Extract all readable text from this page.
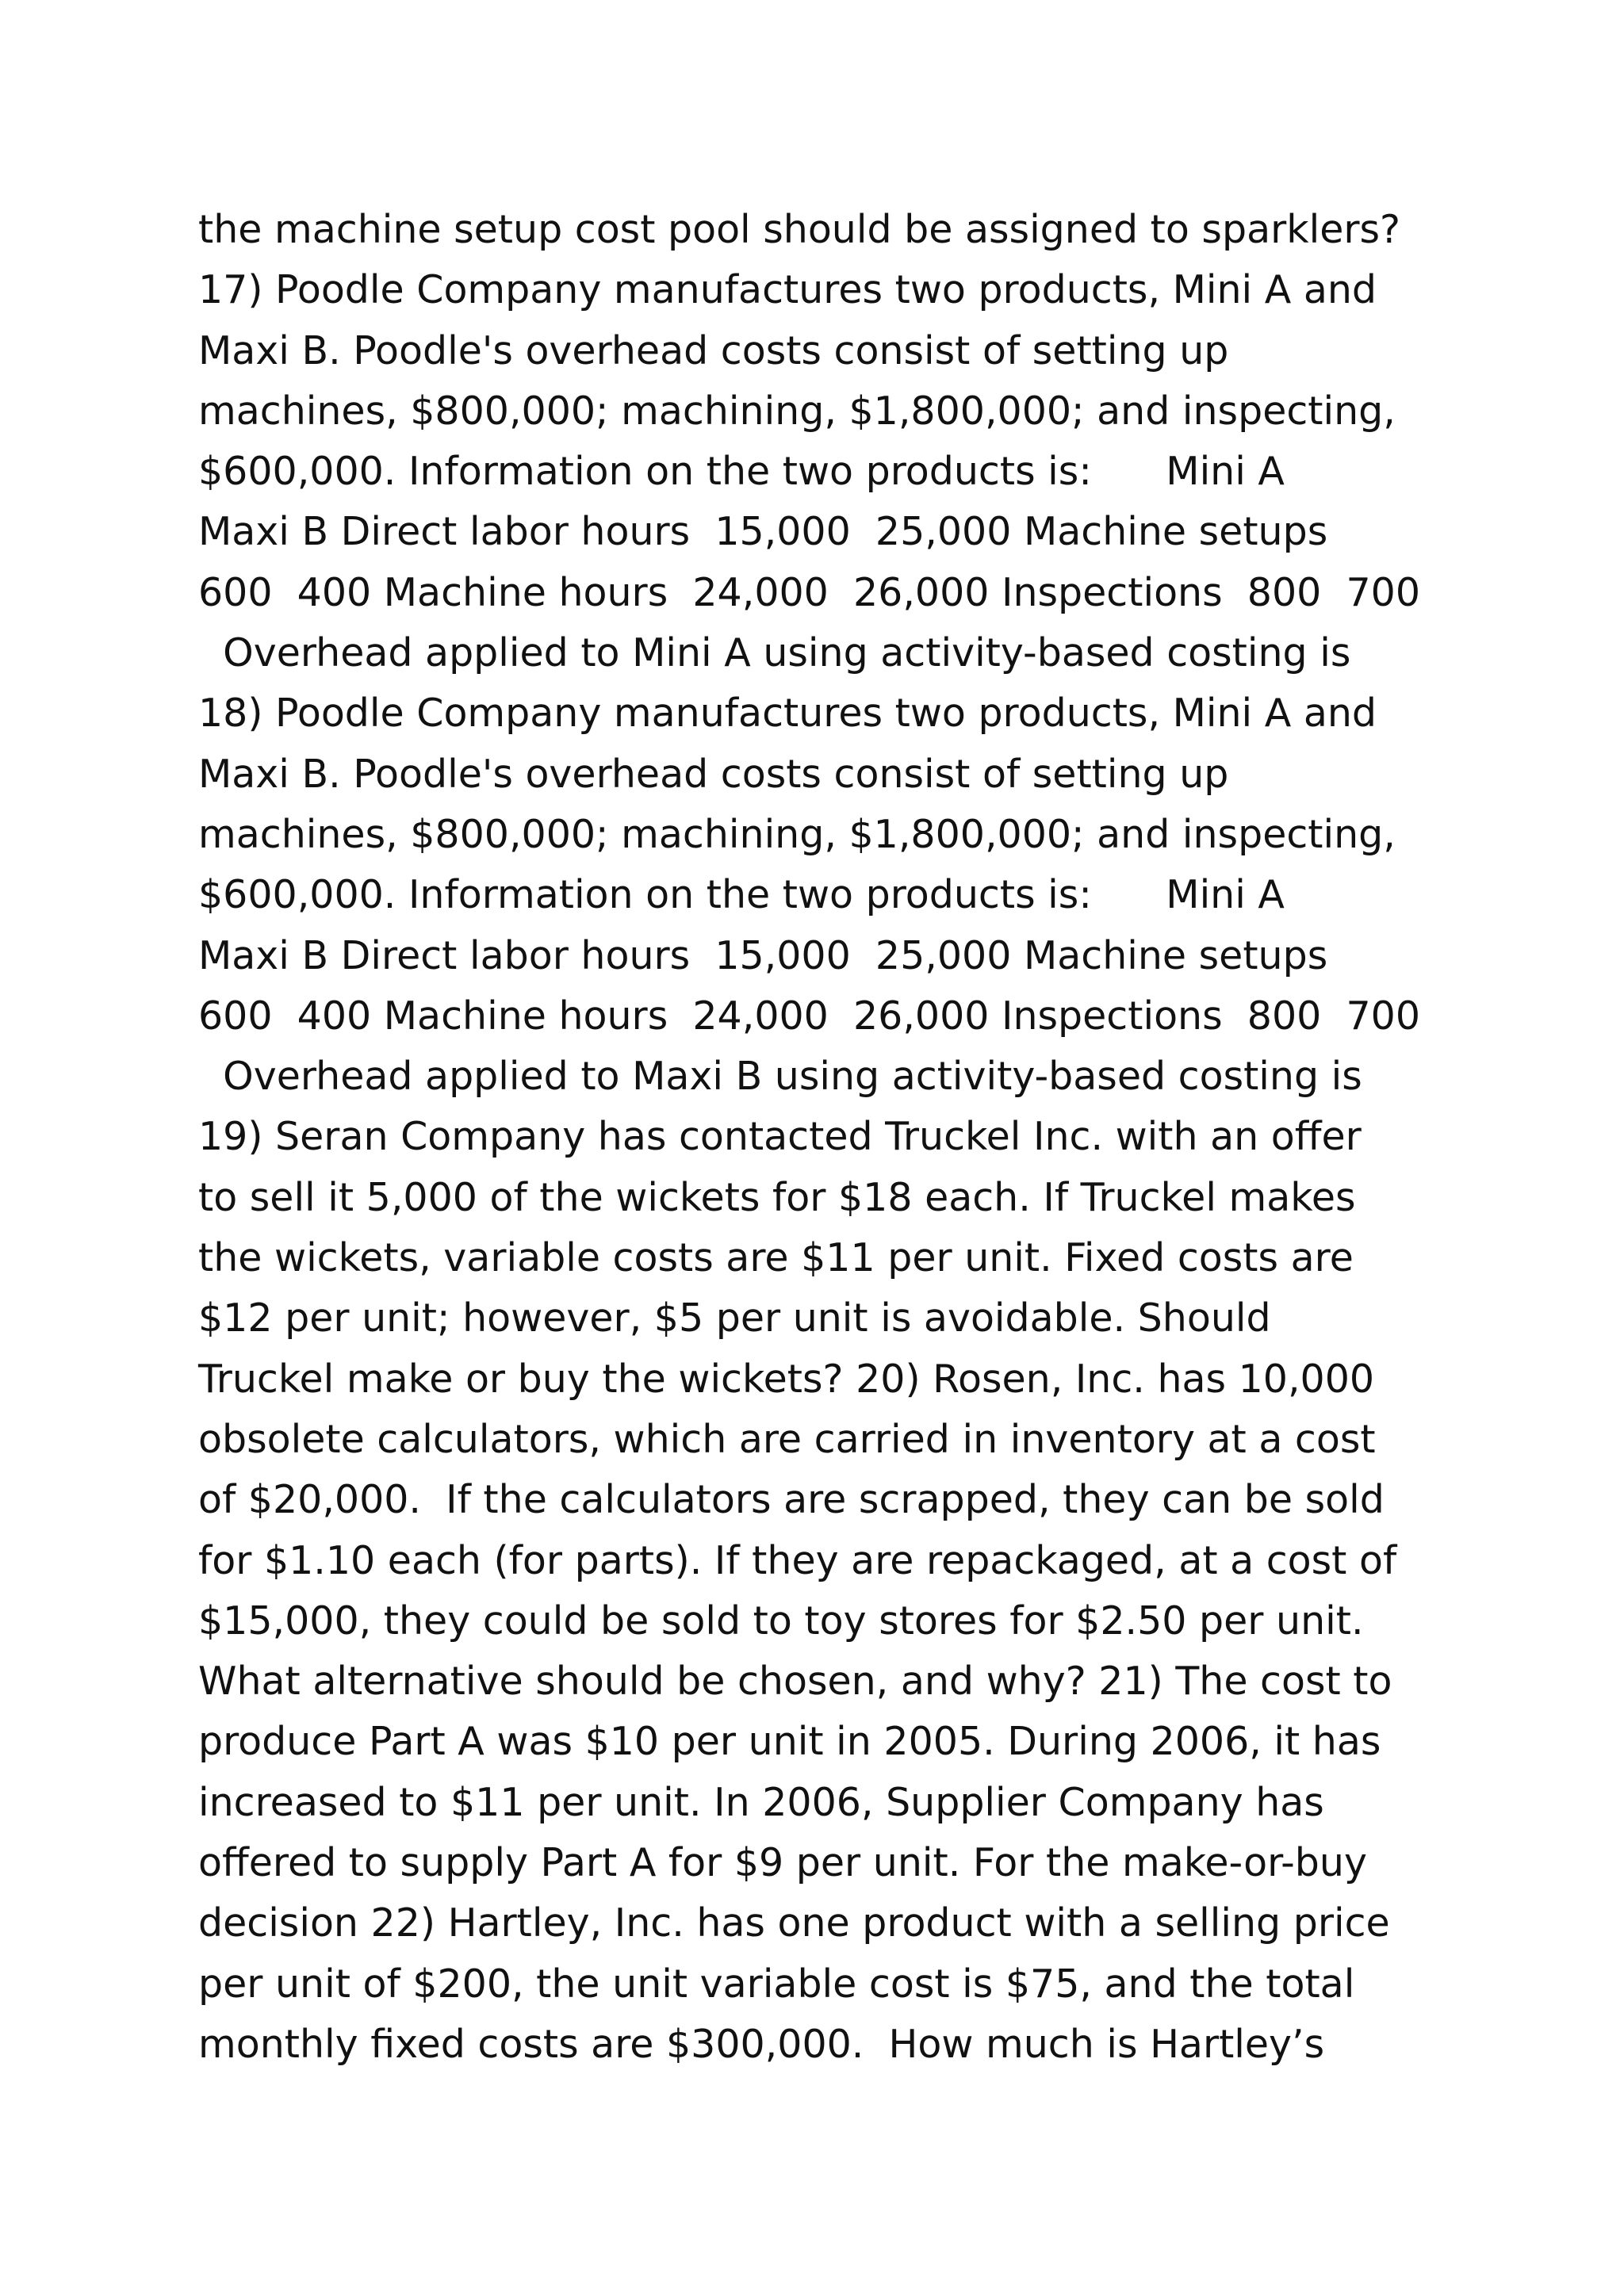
the machine setup cost pool should be assigned to sparklers?
17) Poodle Company manufactures two products, Mini A and
Maxi B. Poodle's overhead costs consist of setting up
machines, $800,000; machining, $1,800,000; and inspecting,
$600,000. Information on the two products is:      Mini A
Maxi B Direct labor hours  15,000  25,000 Machine setups
600  400 Machine hours  24,000  26,000 Inspections  800  700
Overhead applied to Mini A using activity-based costing is
18) Poodle Company manufactures two products, Mini A and
Maxi B. Poodle's overhead costs consist of setting up
machines, $800,000; machining, $1,800,000; and inspecting,
$600,000. Information on the two products is:      Mini A
Maxi B Direct labor hours  15,000  25,000 Machine setups
600  400 Machine hours  24,000  26,000 Inspections  800  700
Overhead applied to Maxi B using activity-based costing is
19) Seran Company has contacted Truckel Inc. with an offer
to sell it 5,000 of the wickets for $18 each. If Truckel makes
the wickets, variable costs are $11 per unit. Fixed costs are
$12 per unit; however, $5 per unit is avoidable. Should
Truckel make or buy the wickets? 20) Rosen, Inc. has 10,000
obsolete calculators, which are carried in inventory at a cost
of $20,000.  If the calculators are scrapped, they can be sold
for $1.10 each (for parts). If they are repackaged, at a cost of
$15,000, they could be sold to toy stores for $2.50 per unit.
What alternative should be chosen, and why? 21) The cost to
produce Part A was $10 per unit in 2005. During 2006, it has
increased to $11 per unit. In 2006, Supplier Company has
offered to supply Part A for $9 per unit. For the make-or-buy
decision 22) Hartley, Inc. has one product with a selling price
per unit of $200, the unit variable cost is $75, and the total
monthly fixed costs are $300,000.  How much is Hartley’s
